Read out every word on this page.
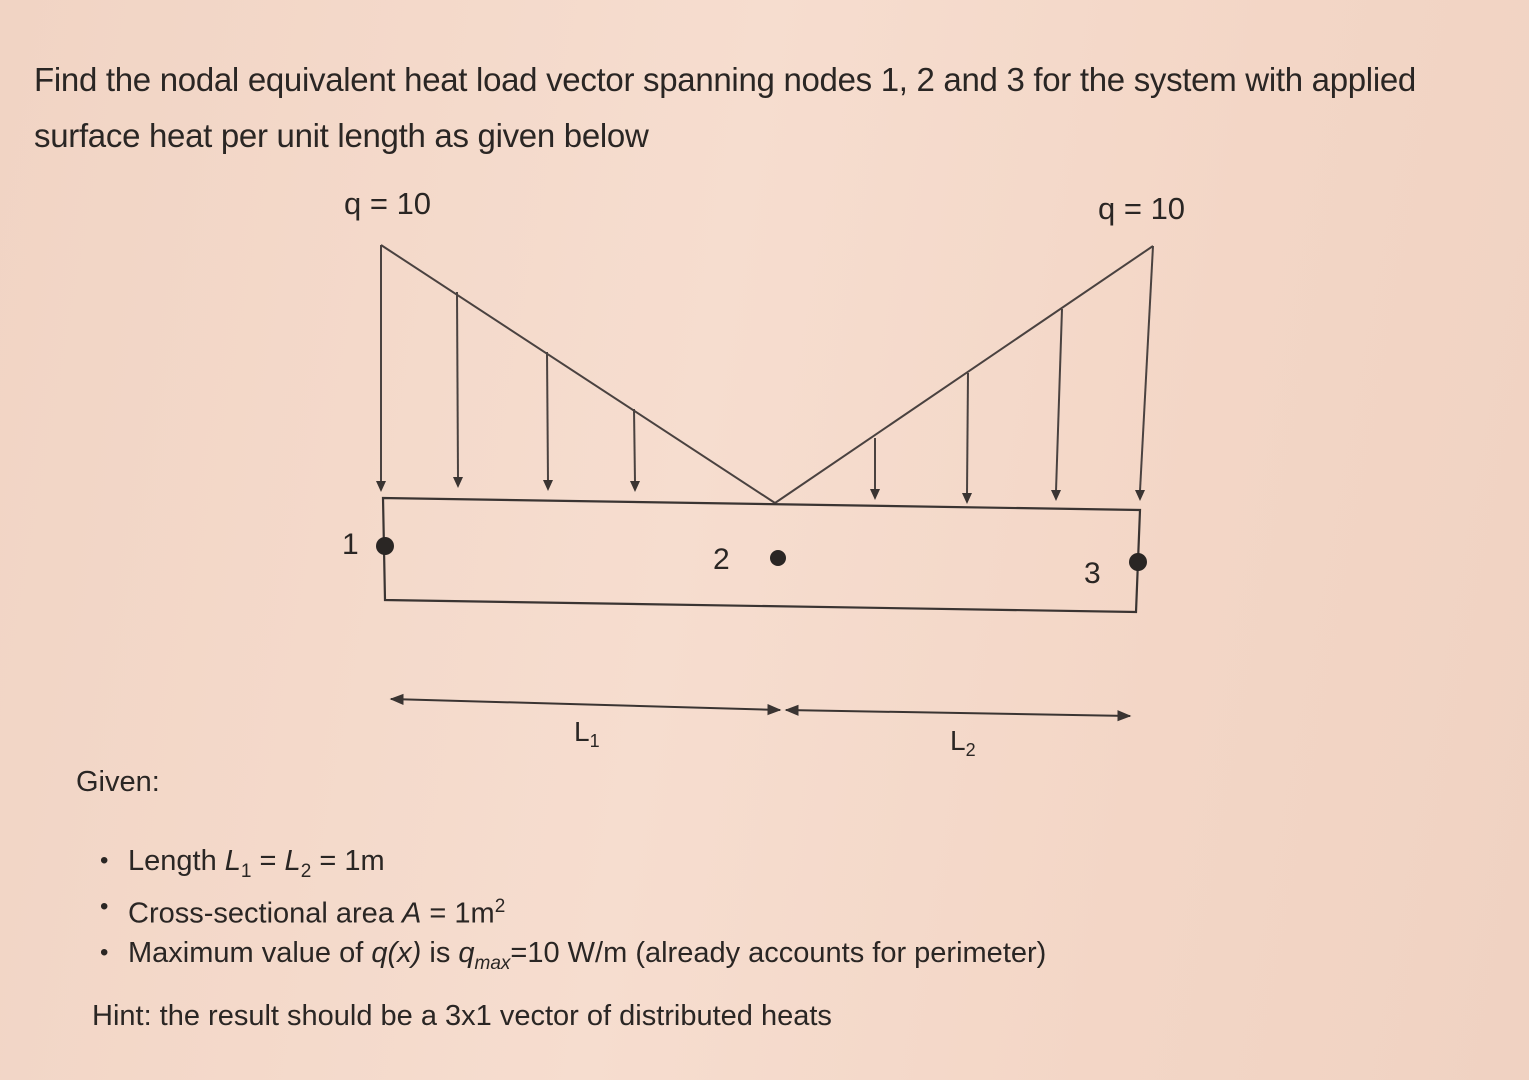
Find the nodal equivalent heat load vector spanning nodes 1, 2 and 3 for the system with applied
surface heat per unit length as given below
q = 10	q = 10
1	2	3
$L_1$	$L_2$
Given:
• Length $L_1 = L_2 = 1m$
• Cross-sectional area $A = 1m^2$
• Maximum value of q(x) is $q_{max}=10$ W/m (already accounts for perimeter)
Hint: the result should be a 3x1 vector of distributed heats
